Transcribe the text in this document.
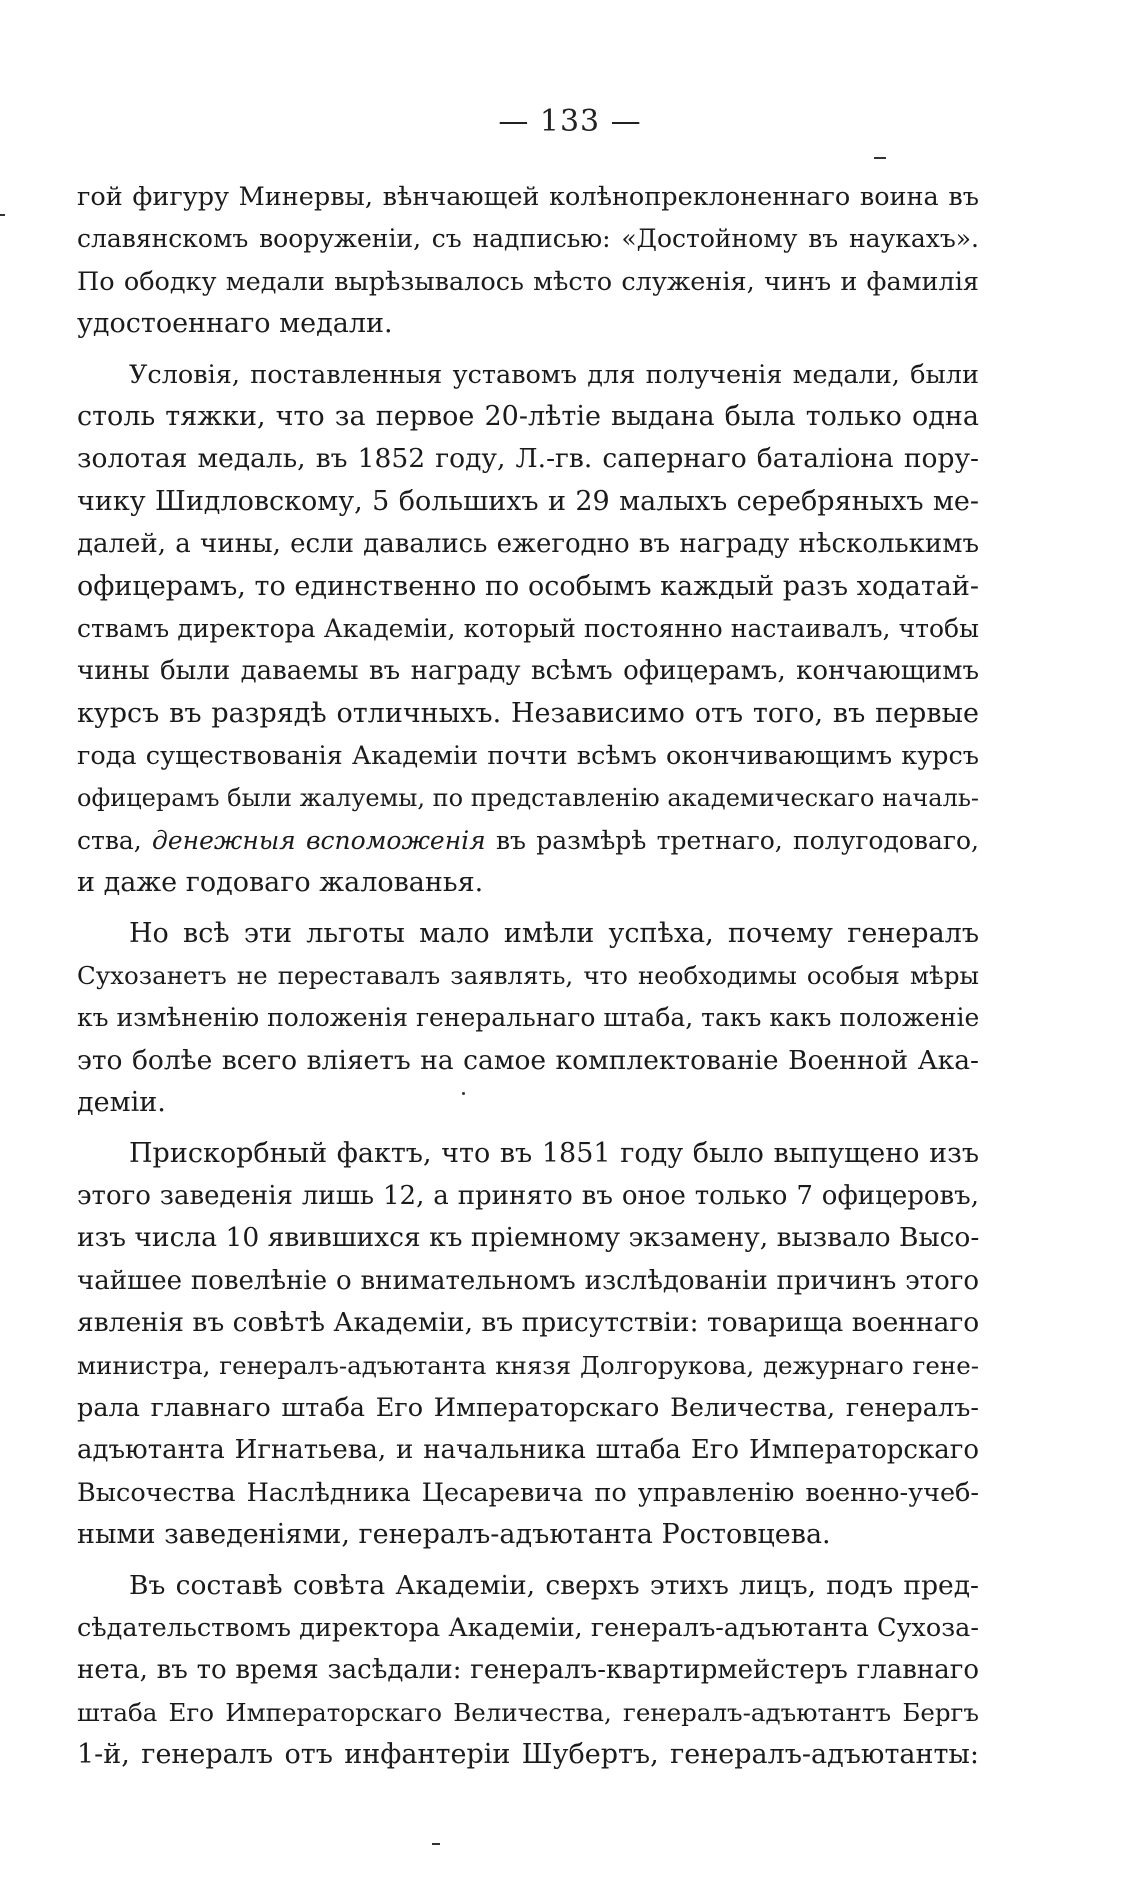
— 133 —
гой фигуру Минервы, вѣнчающей колѣнопреклоненнаго воина въ
славянскомъ вооруженіи, съ надписью: «Достойному въ наукахъ».
По ободку медали вырѣзывалось мѣсто служенія, чинъ и фамилія
удостоеннаго медали.
Условія, поставленныя уставомъ для полученія медали, были
столь тяжки, что за первое 20-лѣтіе выдана была только одна
золотая медаль, въ 1852 году, Л.-гв. сапернаго баталіона пору-
чику Шидловскому, 5 большихъ и 29 малыхъ серебряныхъ ме-
далей, а чины, если давались ежегодно въ награду нѣсколькимъ
офицерамъ, то единственно по особымъ каждый разъ ходатай-
ствамъ директора Академіи, который постоянно настаивалъ, чтобы
чины были даваемы въ награду всѣмъ офицерамъ, кончающимъ
курсъ въ разрядѣ отличныхъ. Независимо отъ того, въ первые
года существованія Академіи почти всѣмъ окончивающимъ курсъ
офицерамъ были жалуемы, по представленію академическаго началь-
ства, денежныя вспоможенія въ размѣрѣ третнаго, полугодоваго,
и даже годоваго жалованья.
Но всѣ эти льготы мало имѣли успѣха, почему генералъ
Сухозанетъ не переставалъ заявлять, что необходимы особыя мѣры
къ измѣненію положенія генеральнаго штаба, такъ какъ положеніе
это болѣе всего вліяетъ на самое комплектованіе Военной Ака-
деміи.
Прискорбный фактъ, что въ 1851 году было выпущено изъ
этого заведенія лишь 12, а принято въ оное только 7 офицеровъ,
изъ числа 10 явившихся къ пріемному экзамену, вызвало Высо-
чайшее повелѣніе о внимательномъ изслѣдованіи причинъ этого
явленія въ совѣтѣ Академіи, въ присутствіи: товарища военнаго
министра, генералъ-адъютанта князя Долгорукова, дежурнаго гене-
рала главнаго штаба Его Императорскаго Величества, генералъ-
адъютанта Игнатьева, и начальника штаба Его Императорскаго
Высочества Наслѣдника Цесаревича по управленію военно-учеб-
ными заведеніями, генералъ-адъютанта Ростовцева.
Въ составѣ совѣта Академіи, сверхъ этихъ лицъ, подъ пред-
сѣдательствомъ директора Академіи, генералъ-адъютанта Сухоза-
нета, въ то время засѣдали: генералъ-квартирмейстеръ главнаго
штаба Его Императорскаго Величества, генералъ-адъютантъ Бергъ
1-й, генералъ отъ инфантеріи Шубертъ, генералъ-адъютанты:
